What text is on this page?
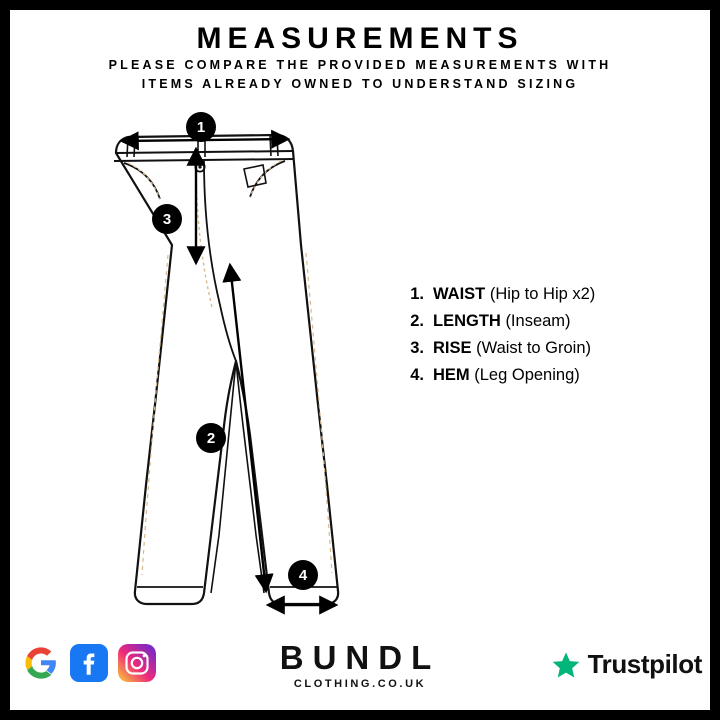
MEASUREMENTS
PLEASE COMPARE THE PROVIDED MEASUREMENTS WITH
ITEMS ALREADY OWNED TO UNDERSTAND SIZING
1
3
2
4
1. WAIST (Hip to Hip x2)
2. LENGTH (Inseam)
3. RISE (Waist to Groin)
4. HEM (Leg Opening)
BUNDL
CLOTHING.CO.UK
Trustpilot
